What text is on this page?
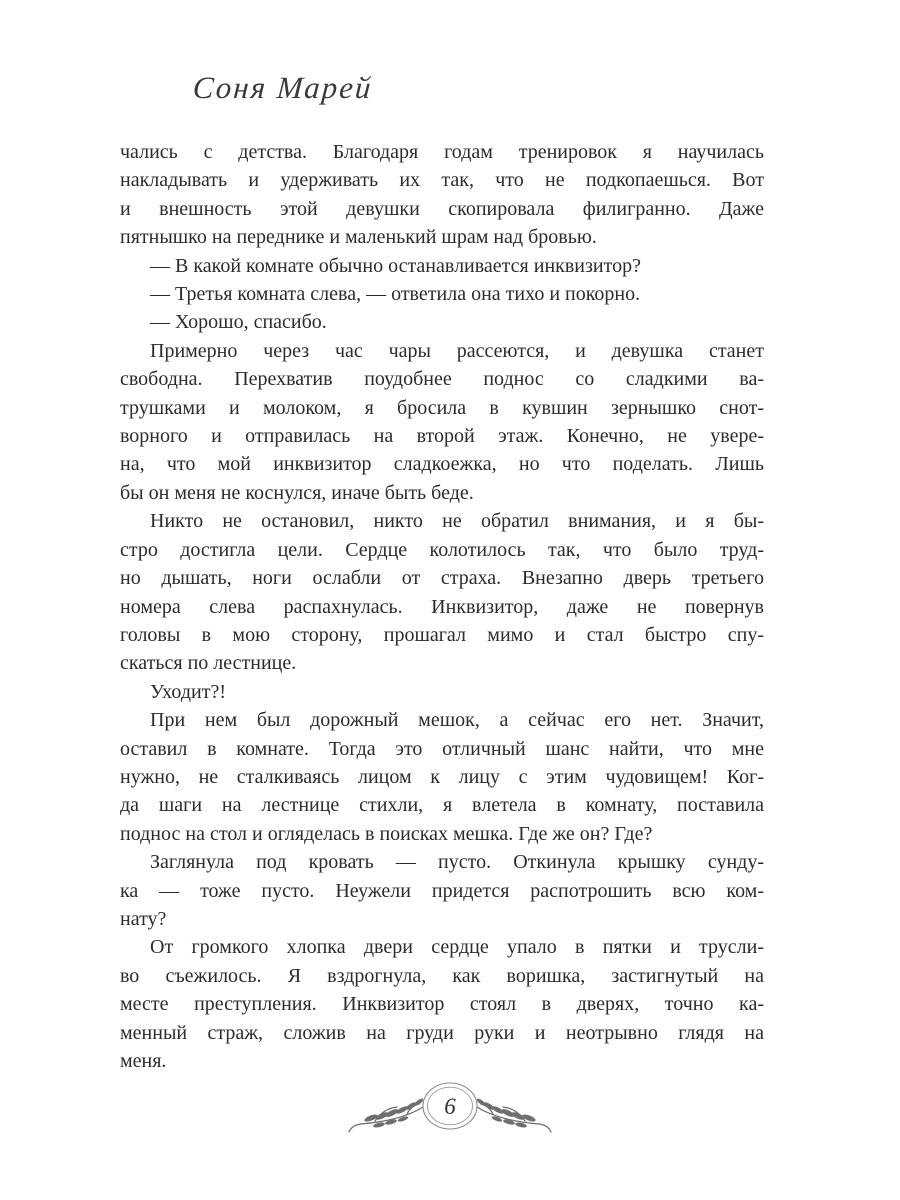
Соня Марей

чались с детства. Благодаря годам тренировок я научилась
накладывать и удерживать их так, что не подкопаешься. Вот
и внешность этой девушки скопировала филигранно. Даже
пятнышко на переднике и маленький шрам над бровью.

— В какой комнате обычно останавливается инквизитор?

— Третья комната слева, — ответила она тихо и покорно.

— Хорошо, спасибо.

Примерно через час чары рассеются, и девушка станет
свободна. Перехватив поудобнее поднос со сладкими ва-
трушками и молоком, я бросила в кувшин зернышко снот-
ворного и отправилась на второй этаж. Конечно, не увере-
на, что мой инквизитор сладкоежка, но что поделать. Лишь
бы он меня не коснулся, иначе быть беде.

Никто не остановил, никто не обратил внимания, и я бы-
стро достигла цели. Сердце колотилось так, что было труд-
но дышать, ноги ослабли от страха. Внезапно дверь третьего
номера слева распахнулась. Инквизитор, даже не повернув
головы в мою сторону, прошагал мимо и стал быстро спу-
скаться по лестнице.

Уходит?!

При нем был дорожный мешок, а сейчас его нет. Значит,
оставил в комнате. Тогда это отличный шанс найти, что мне
нужно, не сталкиваясь лицом к лицу с этим чудовищем! Ког-
да шаги на лестнице стихли, я влетела в комнату, поставила
поднос на стол и огляделась в поисках мешка. Где же он? Где?

Заглянула под кровать — пусто. Откинула крышку сунду-
ка — тоже пусто. Неужели придется распотрошить всю ком-
нату?

От громкого хлопка двери сердце упало в пятки и трусли-
во съежилось. Я вздрогнула, как воришка, застигнутый на
месте преступления. Инквизитор стоял в дверях, точно ка-
менный страж, сложив на груди руки и неотрывно глядя на
меня.

6
